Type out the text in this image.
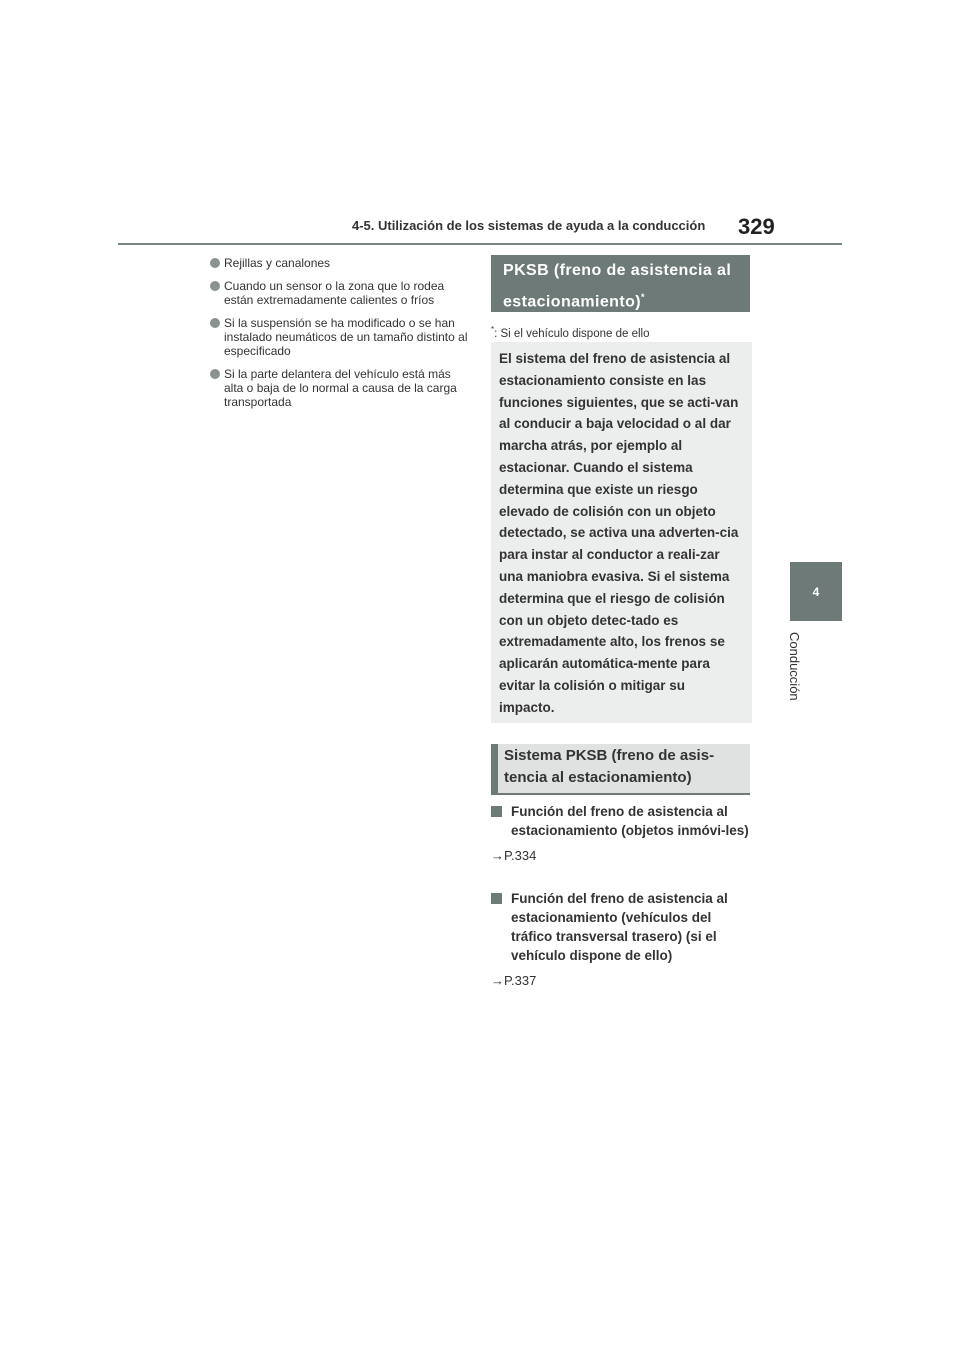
4-5. Utilización de los sistemas de ayuda a la conducción 329
4
Conducción
Rejillas y canalones
Cuando un sensor o la zona que lo rodea están extremadamente calientes o fríos
Si la suspensión se ha modificado o se han instalado neumáticos de un tamaño distinto al especificado
Si la parte delantera del vehículo está más alta o baja de lo normal a causa de la carga transportada
PKSB (freno de asistencia al estacionamiento)*
*: Si el vehículo dispone de ello
El sistema del freno de asistencia al estacionamiento consiste en las funciones siguientes, que se acti-van al conducir a baja velocidad o al dar marcha atrás, por ejemplo al estacionar. Cuando el sistema determina que existe un riesgo elevado de colisión con un objeto detectado, se activa una adverten-cia para instar al conductor a reali-zar una maniobra evasiva. Si el sistema determina que el riesgo de colisión con un objeto detec-tado es extremadamente alto, los frenos se aplicarán automática-mente para evitar la colisión o mitigar su impacto.
Sistema PKSB (freno de asis-tencia al estacionamiento)
Función del freno de asistencia al estacionamiento (objetos inmóvi-les)
→P.334
Función del freno de asistencia al estacionamiento (vehículos del tráfico transversal trasero) (si el vehículo dispone de ello)
→P.337
